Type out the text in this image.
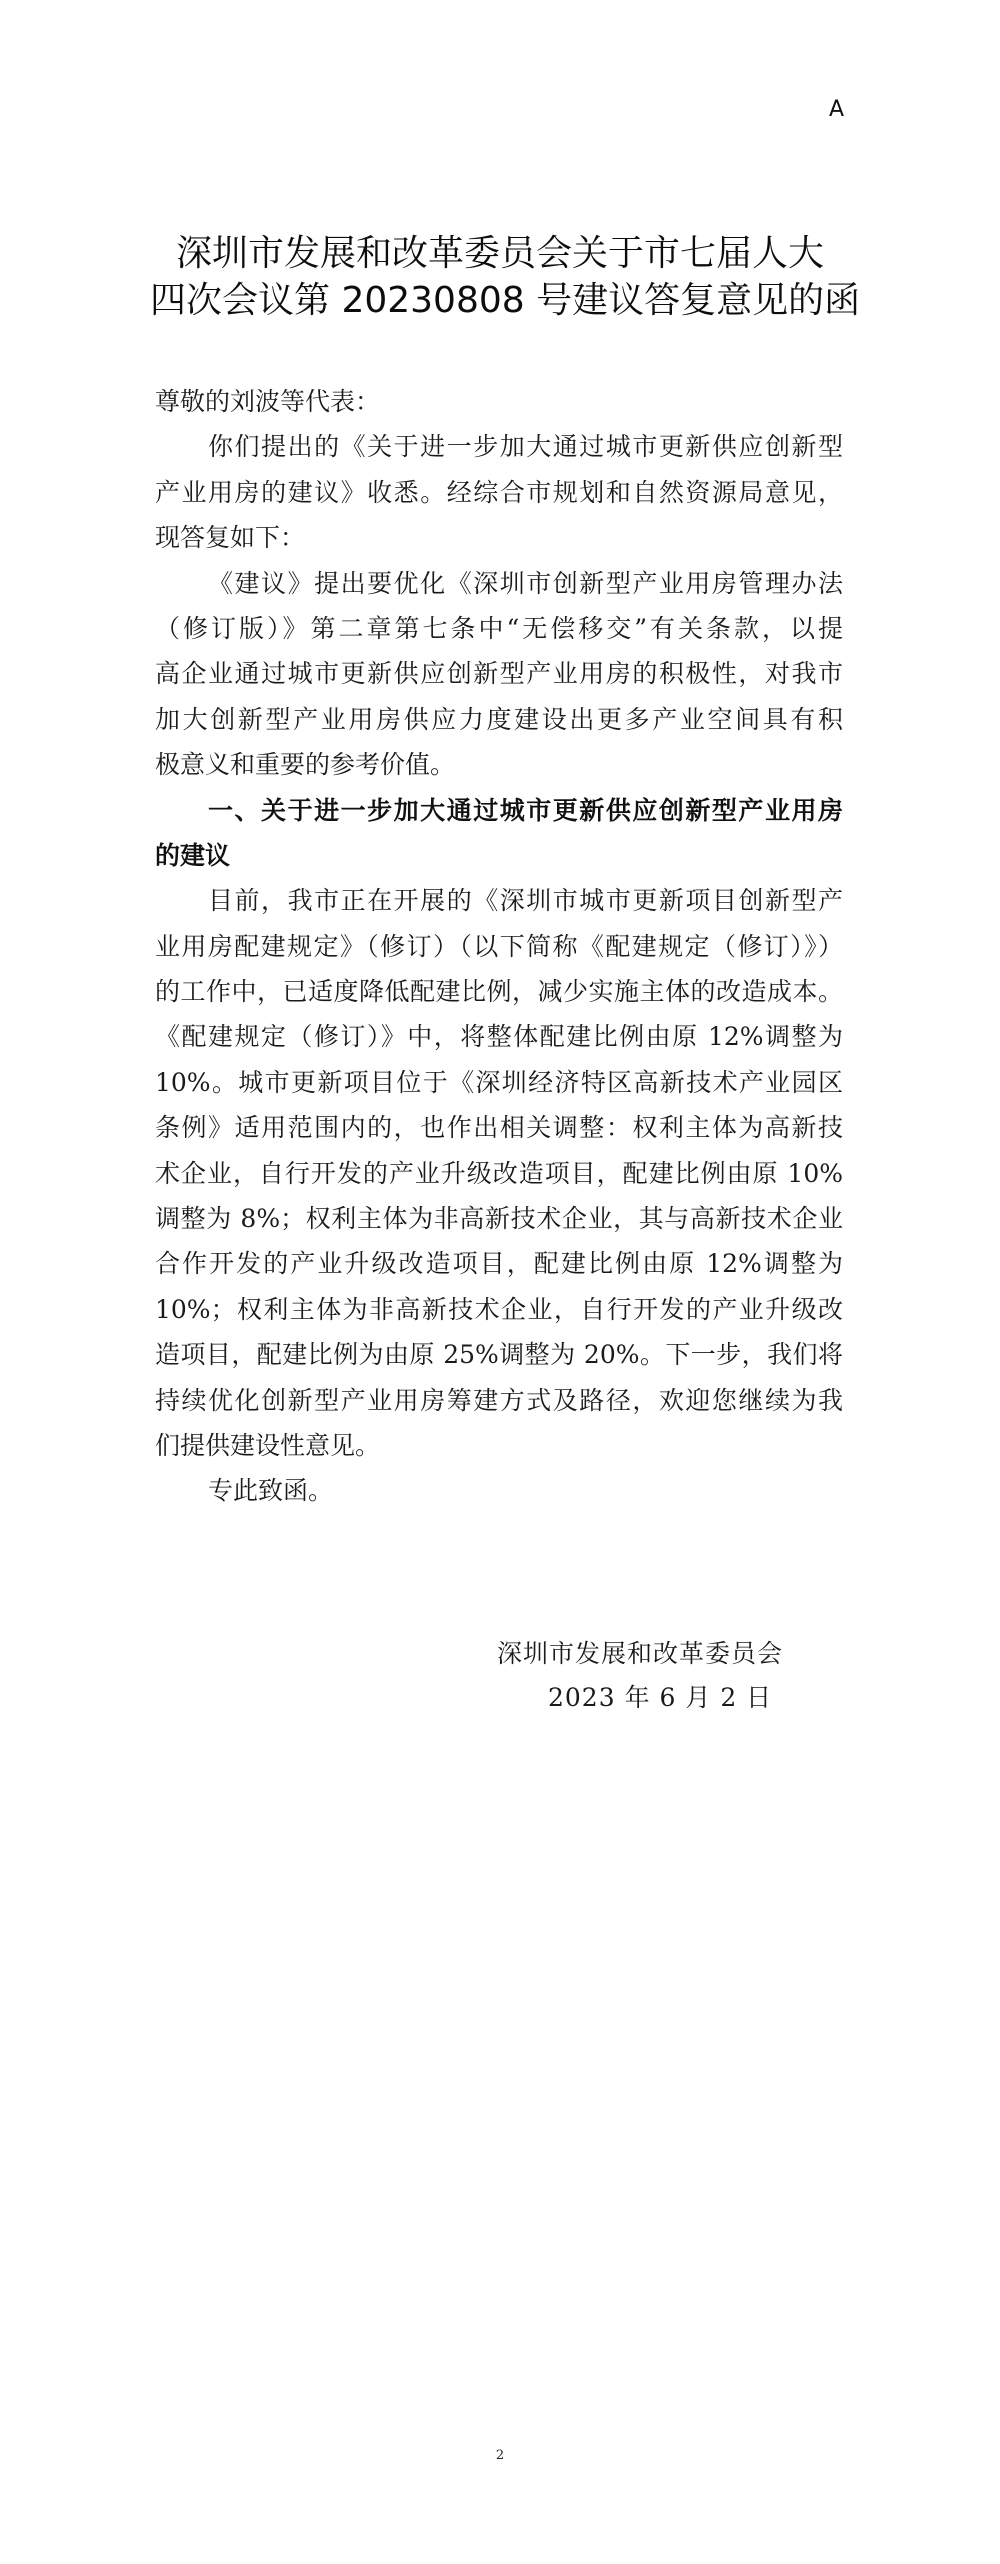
A
深圳市发展和改革委员会关于市七届人大
四次会议第 20230808 号建议答复意见的函
尊敬的刘波等代表：
你们提出的《关于进一步加大通过城市更新供应创新型
产业用房的建议》收悉。经综合市规划和自然资源局意见，
现答复如下：
《建议》提出要优化《深圳市创新型产业用房管理办法
（修订版）》第二章第七条中“无偿移交”有关条款，以提
高企业通过城市更新供应创新型产业用房的积极性，对我市
加大创新型产业用房供应力度建设出更多产业空间具有积
极意义和重要的参考价值。
一、关于进一步加大通过城市更新供应创新型产业用房
的建议
目前，我市正在开展的《深圳市城市更新项目创新型产
业用房配建规定》（修订）（以下简称《配建规定（修订）》）
的工作中，已适度降低配建比例，减少实施主体的改造成本。
《配建规定（修订）》中，将整体配建比例由原 12%调整为
10%。城市更新项目位于《深圳经济特区高新技术产业园区
条例》适用范围内的，也作出相关调整：权利主体为高新技
术企业，自行开发的产业升级改造项目，配建比例由原 10%
调整为 8%；权利主体为非高新技术企业，其与高新技术企业
合作开发的产业升级改造项目，配建比例由原 12%调整为
10%；权利主体为非高新技术企业，自行开发的产业升级改
造项目，配建比例为由原 25%调整为 20%。下一步，我们将
持续优化创新型产业用房筹建方式及路径，欢迎您继续为我
们提供建设性意见。
专此致函。
深圳市发展和改革委员会
2023 年 6 月 2 日
2
